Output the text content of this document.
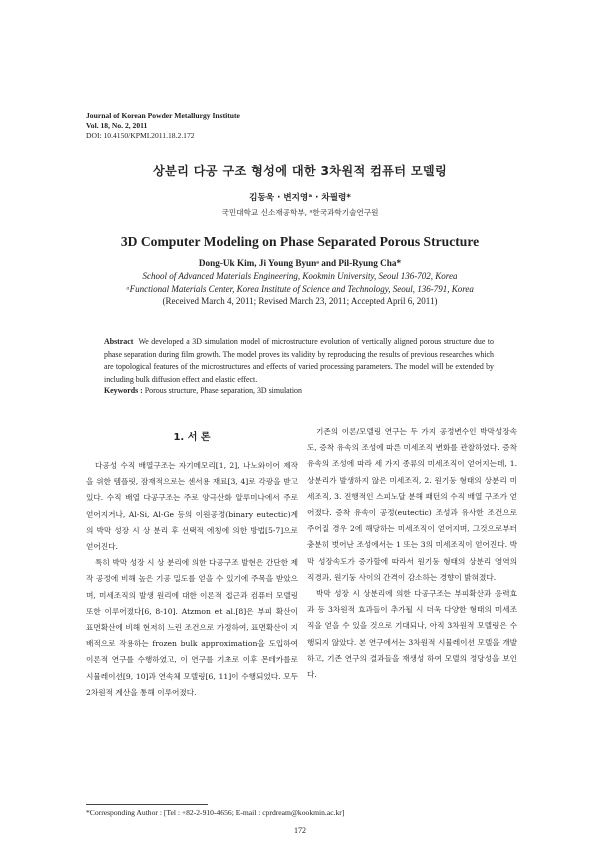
Journal of Korean Powder Metallurgy Institute
Vol. 18, No. 2, 2011
DOI: 10.4150/KPMI.2011.18.2.172
상분리 다공 구조 형성에 대한 3차원적 컴퓨터 모델링
김동욱 · 변지영ᵃ · 차필령*
국민대학교 신소재공학부, ᵃ한국과학기술연구원
3D Computer Modeling on Phase Separated Porous Structure
Dong-Uk Kim, Ji Young Byunᵃ and Pil-Ryung Cha*
School of Advanced Materials Engineering, Kookmin University, Seoul 136-702, Korea
ᵃFunctional Materials Center, Korea Institute of Science and Technology, Seoul, 136-791, Korea
(Received March 4, 2011; Revised March 23, 2011; Accepted April 6, 2011)
Abstract We developed a 3D simulation model of microstructure evolution of vertically aligned porous structure due to phase separation during film growth. The model proves its validity by reproducing the results of previous researches which are topological features of the microstructures and effects of varied processing parameters. The model will be extended by including bulk diffusion effect and elastic effect.
Keywords : Porous structure, Phase separation, 3D simulation
1. 서 론

다공성 수직 배열구조는 자기메모리[1, 2], 나노와이어 제작을 위한 템플릿, 잠재적으로는 센서용 재료[3, 4]로 각광을 받고 있다. 수직 배열 다공구조는 주로 양극산화 알루미나에서 주로 얻어지거나, Al-Si, Al-Ge 등의 이원공정(binary eutectic)계의 박막 성장 시 상 분리 후 선택적 에칭에 의한 방법[5-7]으로 얻어진다.

특히 박막 성장 시 상 분리에 의한 다공구조 발현은 간단한 제작 공정에 비해 높은 기공 밀도를 얻을 수 있기에 주목을 받았으며, 미세조직의 발생 원리에 대한 이론적 접근과 컴퓨터 모델링 또한 이루어졌다[6, 8-10]. Atzmon et al.[8]은 부피 확산이 표면확산에 비해 현저히 느린 조건으로 가정하여, 표면확산이 지배적으로 작용하는 frozen bulk approximation을 도입하여 이론적 연구를 수행하였고, 이 연구를 기초로 이후 몬테카를로 시뮬레이션[9, 10]과 연속체 모델링[6, 11]이 수행되었다. 모두 2차원적 계산을 통해 이루어졌다.

기존의 이론/모델링 연구는 두 가지 공정변수인 박막성장속도, 증착 유속의 조성에 따른 미세조직 변화를 관찰하였다. 증착 유속의 조성에 따라 세 가지 종류의 미세조직이 얻어지는데, 1. 상분리가 발생하지 않은 미세조직, 2. 원기둥 형태의 상분리 미세조직, 3. 진행적인 스피노달 분해 패턴의 수직 배열 구조가 얻어졌다. 증착 유속이 공정(eutectic) 조성과 유사한 조건으로 주어질 경우 2에 해당하는 미세조직이 얻어지며, 그것으로부터 충분히 벗어난 조성에서는 1 또는 3의 미세조직이 얻어진다. 박막 성장속도가 증가할에 따라서 원기둥 형태의 상분리 영역의 직경과, 원기둥 사이의 간격이 감소하는 경향이 밝혀졌다.

박막 성장 시 상분리에 의한 다공구조는 부피확산과 응력효과 등 3차원적 효과들이 추가될 시 더욱 다양한 형태의 미세조직을 얻을 수 있을 것으로 기대되나, 아직 3차원적 모델링은 수행되지 않았다. 본 연구에서는 3차원적 시뮬레이션 모델을 개발하고, 기존 연구의 결과들을 재생성 하여 모델의 정당성을 보인다.

*Corresponding Author : [Tel : +82-2-910-4656; E-mail : cprdream@kookmin.ac.kr]
172
